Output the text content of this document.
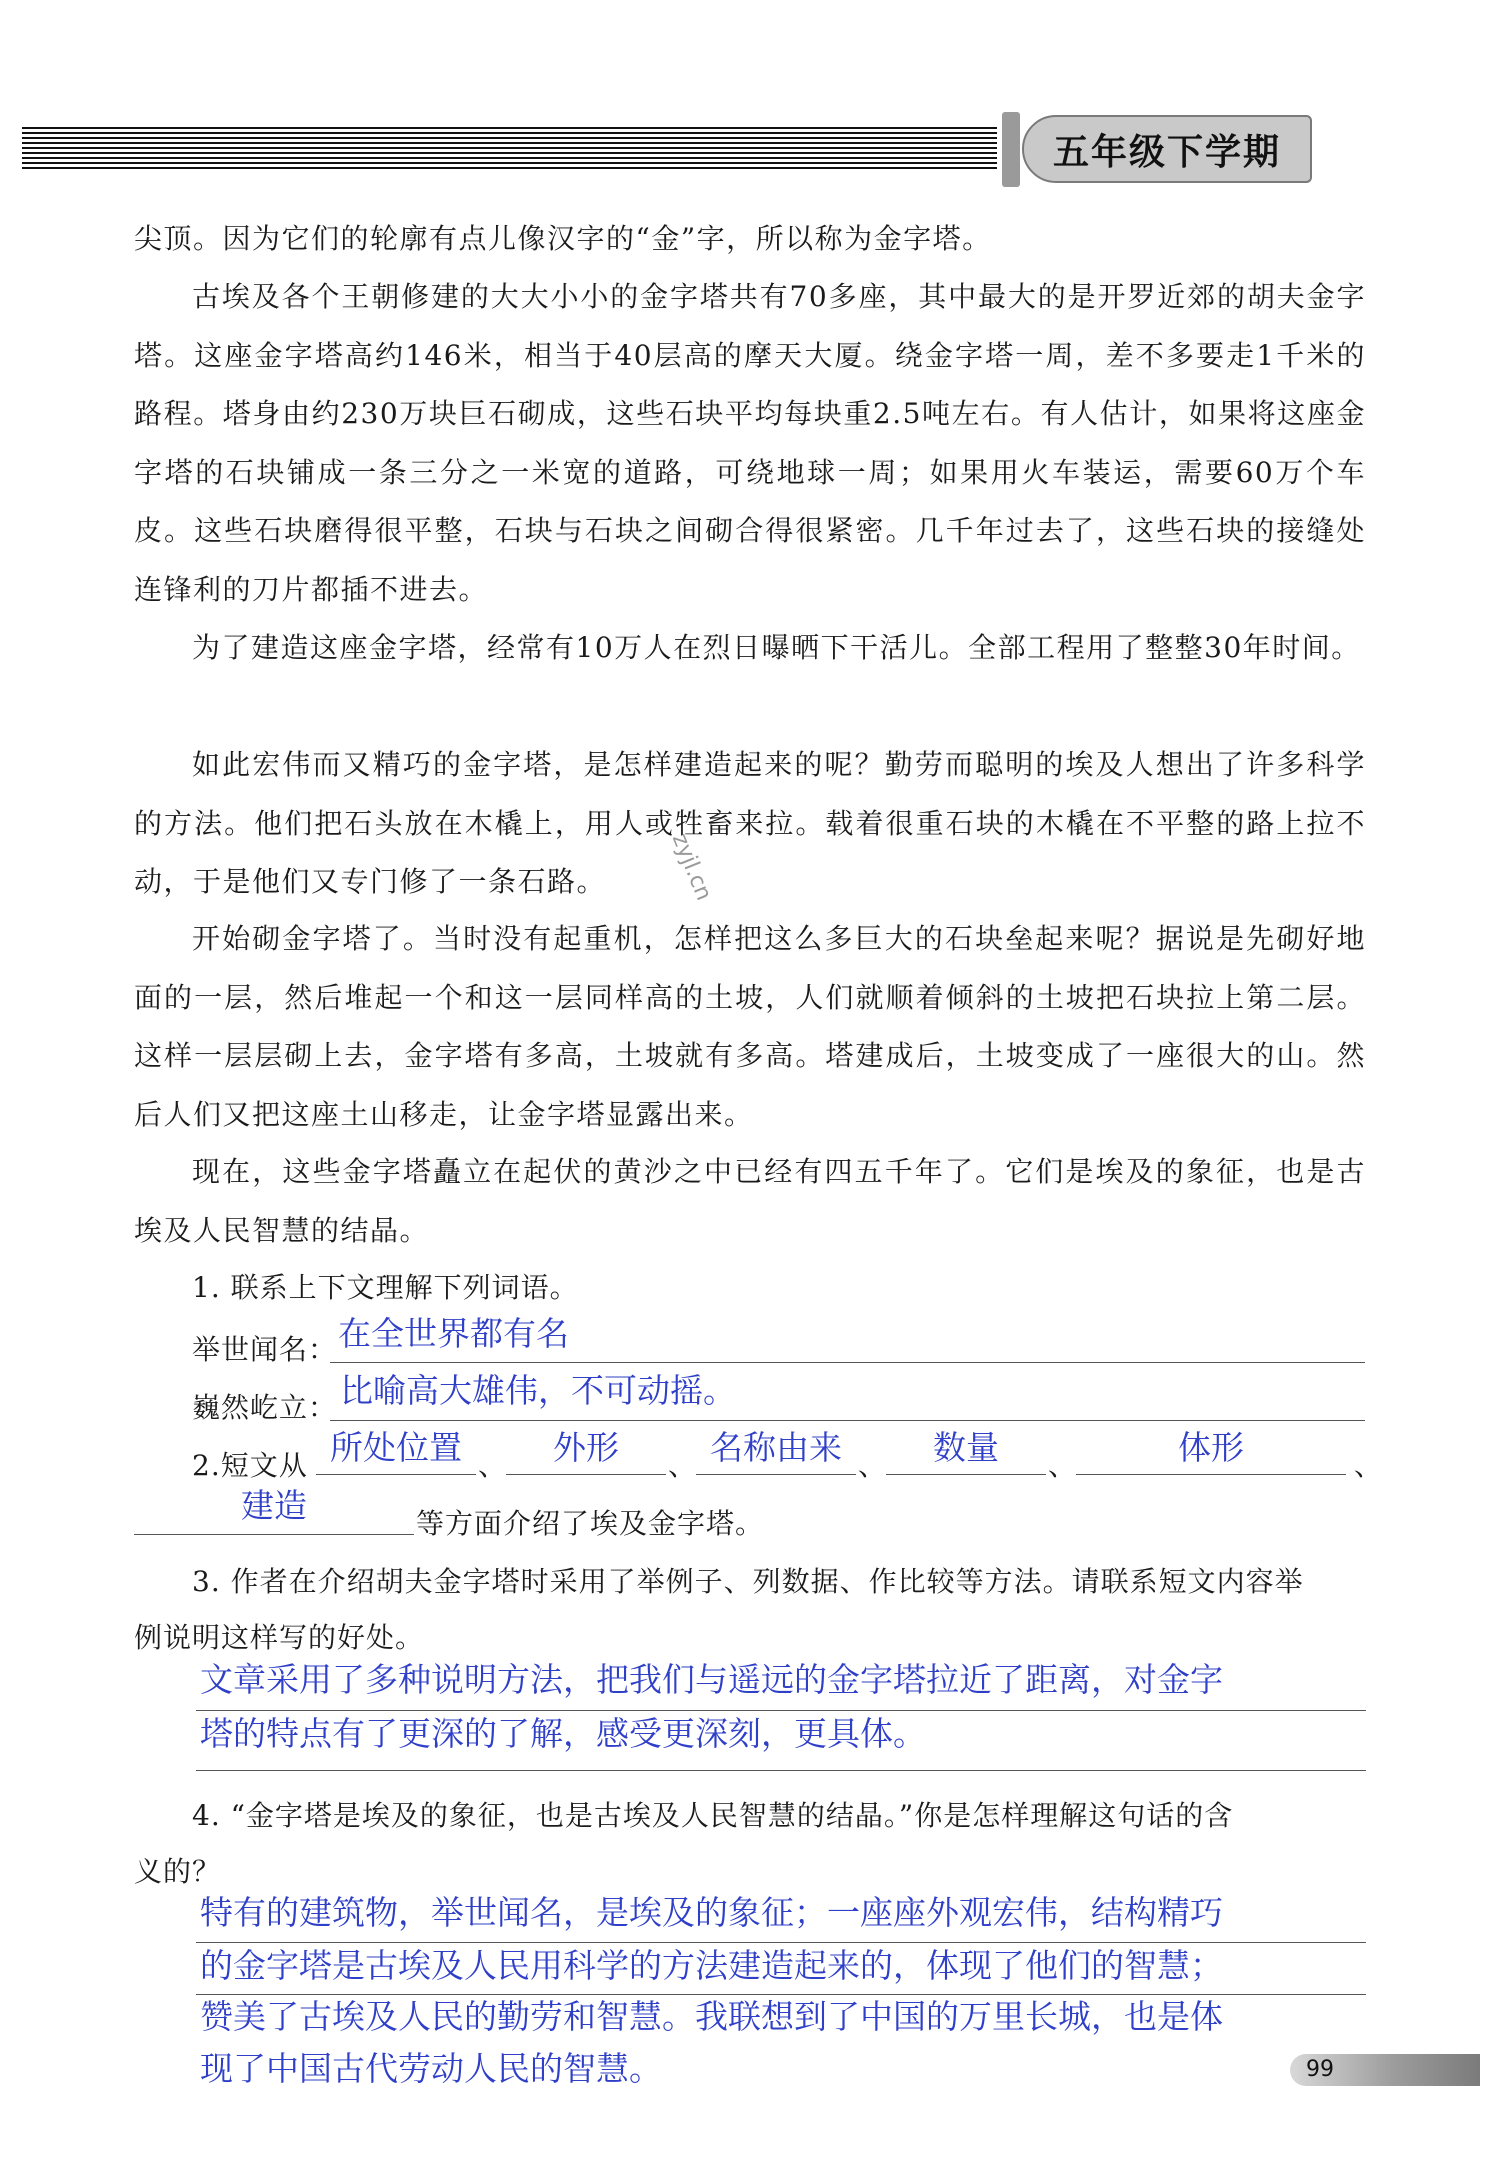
五年级下学期

尖顶。因为它们的轮廓有点儿像汉字的“金”字，所以称为金字塔。

古埃及各个王朝修建的大大小小的金字塔共有70多座，其中最大的是开罗近郊的胡夫金字塔。这座金字塔高约146米，相当于40层高的摩天大厦。绕金字塔一周，差不多要走1千米的路程。塔身由约230万块巨石砌成，这些石块平均每块重2.5吨左右。有人估计，如果将这座金字塔的石块铺成一条三分之一米宽的道路，可绕地球一周；如果用火车装运，需要60万个车皮。这些石块磨得很平整，石块与石块之间砌合得很紧密。几千年过去了，这些石块的接缝处连锋利的刀片都插不进去。

为了建造这座金字塔，经常有10万人在烈日曝晒下干活儿。全部工程用了整整30年时间。

如此宏伟而又精巧的金字塔，是怎样建造起来的呢？勤劳而聪明的埃及人想出了许多科学的方法。他们把石头放在木橇上，用人或牲畜来拉。载着很重石块的木橇在不平整的路上拉不动，于是他们又专门修了一条石路。

开始砌金字塔了。当时没有起重机，怎样把这么多巨大的石块垒起来呢？据说是先砌好地面的一层，然后堆起一个和这一层同样高的土坡，人们就顺着倾斜的土坡把石块拉上第二层。这样一层层砌上去，金字塔有多高，土坡就有多高。塔建成后，土坡变成了一座很大的山。然后人们又把这座土山移走，让金字塔显露出来。

现在，这些金字塔矗立在起伏的黄沙之中已经有四五千年了。它们是埃及的象征，也是古埃及人民智慧的结晶。

zyjl.cn

1. 联系上下文理解下列词语。

举世闻名： 在全世界都有名
巍然屹立： 比喻高大雄伟，不可动摇。
2.短文从 所处位置 、	外形	、 名称由来 、	数量	、	体形	、
建造	等方面介绍了埃及金字塔。

3. 作者在介绍胡夫金字塔时采用了举例子、列数据、作比较等方法。请联系短文内容举

例说明这样写的好处。

文章采用了多种说明方法，把我们与遥远的金字塔拉近了距离，对金字
塔的特点有了更深的了解，感受更深刻，更具体。

4. “金字塔是埃及的象征，也是古埃及人民智慧的结晶。”你是怎样理解这句话的含

义的？

特有的建筑物，举世闻名，是埃及的象征；一座座外观宏伟，结构精巧
的金字塔是古埃及人民用科学的方法建造起来的，体现了他们的智慧；
赞美了古埃及人民的勤劳和智慧。我联想到了中国的万里长城，也是体
现了中国古代劳动人民的智慧。	99
